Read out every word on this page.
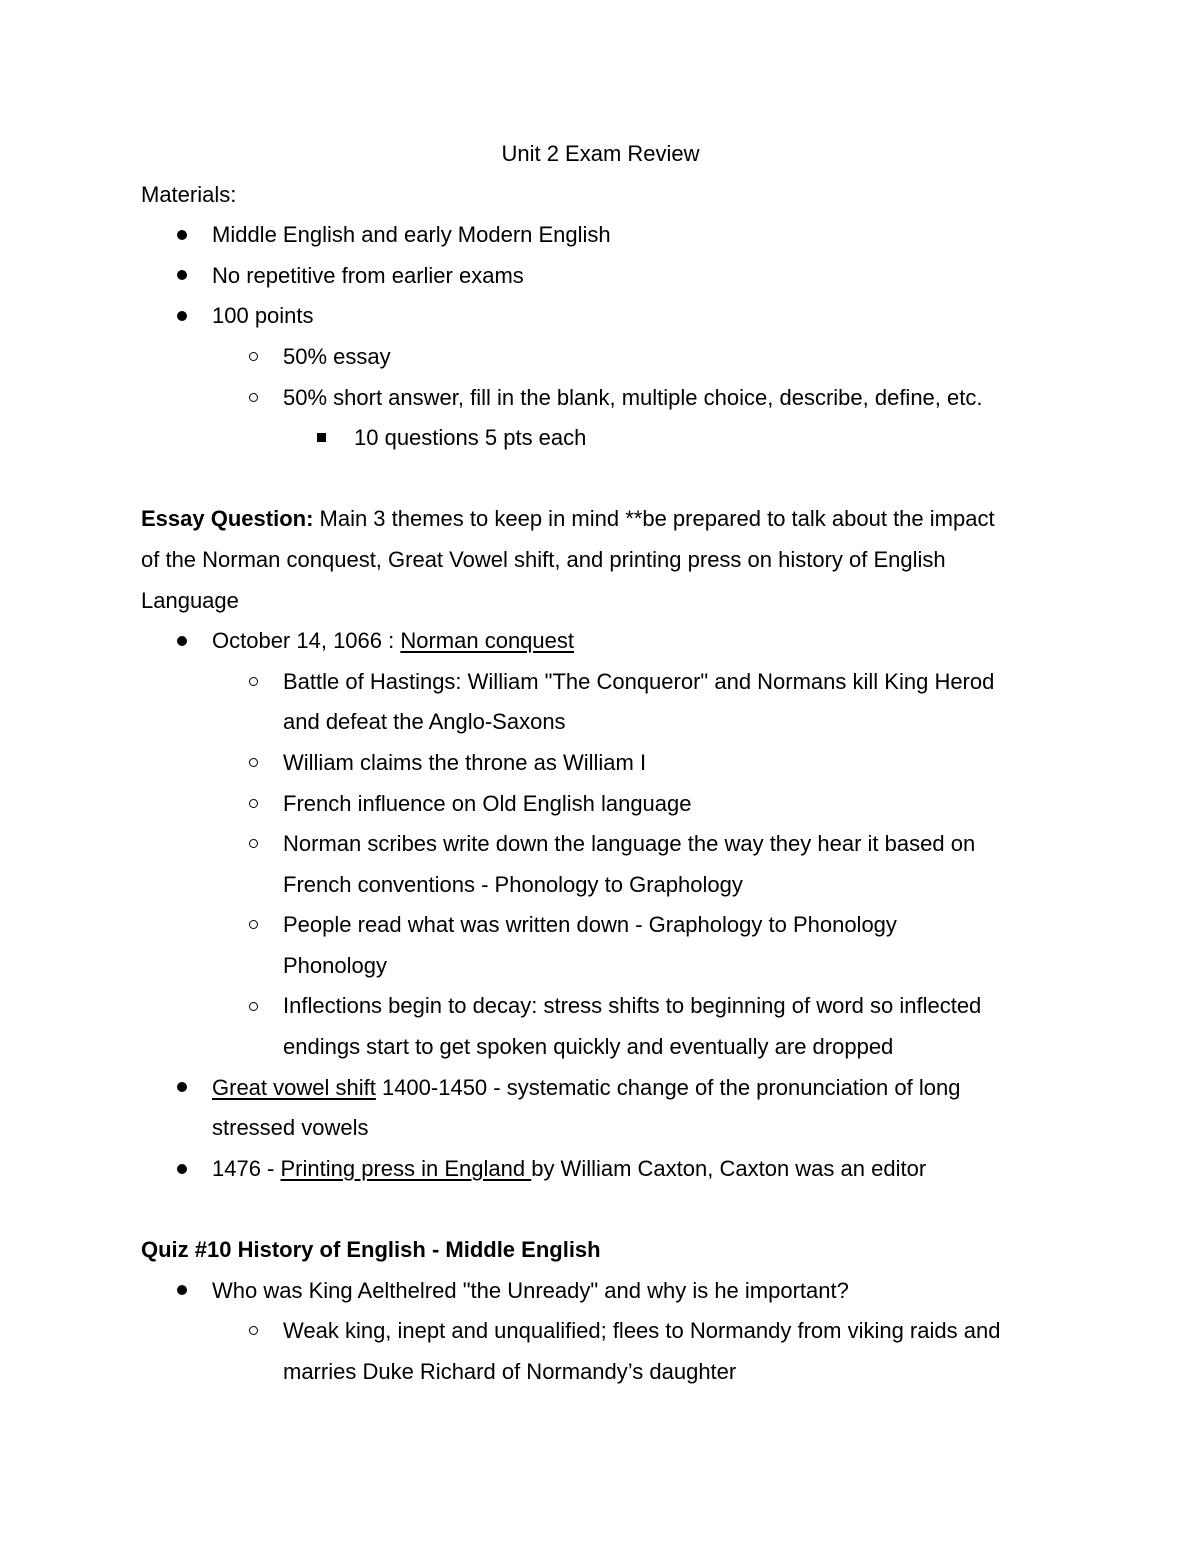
Unit 2 Exam Review
Materials:
Middle English and early Modern English
No repetitive from earlier exams
100 points
50% essay
50% short answer, fill in the blank, multiple choice, describe, define, etc.
10 questions 5 pts each
Essay Question: Main 3 themes to keep in mind **be prepared to talk about the impact
of the Norman conquest, Great Vowel shift, and printing press on history of English
Language
October 14, 1066 : Norman conquest
Battle of Hastings: William "The Conqueror" and Normans kill King Herod
and defeat the Anglo-Saxons
William claims the throne as William I
French influence on Old English language
Norman scribes write down the language the way they hear it based on
French conventions - Phonology to Graphology
People read what was written down - Graphology to Phonology
Phonology
Inflections begin to decay: stress shifts to beginning of word so inflected
endings start to get spoken quickly and eventually are dropped
Great vowel shift 1400-1450 - systematic change of the pronunciation of long
stressed vowels
1476 - Printing press in England by William Caxton, Caxton was an editor
Quiz #10 History of English - Middle English
Who was King Aelthelred "the Unready" and why is he important?
Weak king, inept and unqualified; flees to Normandy from viking raids and
marries Duke Richard of Normandy’s daughter
